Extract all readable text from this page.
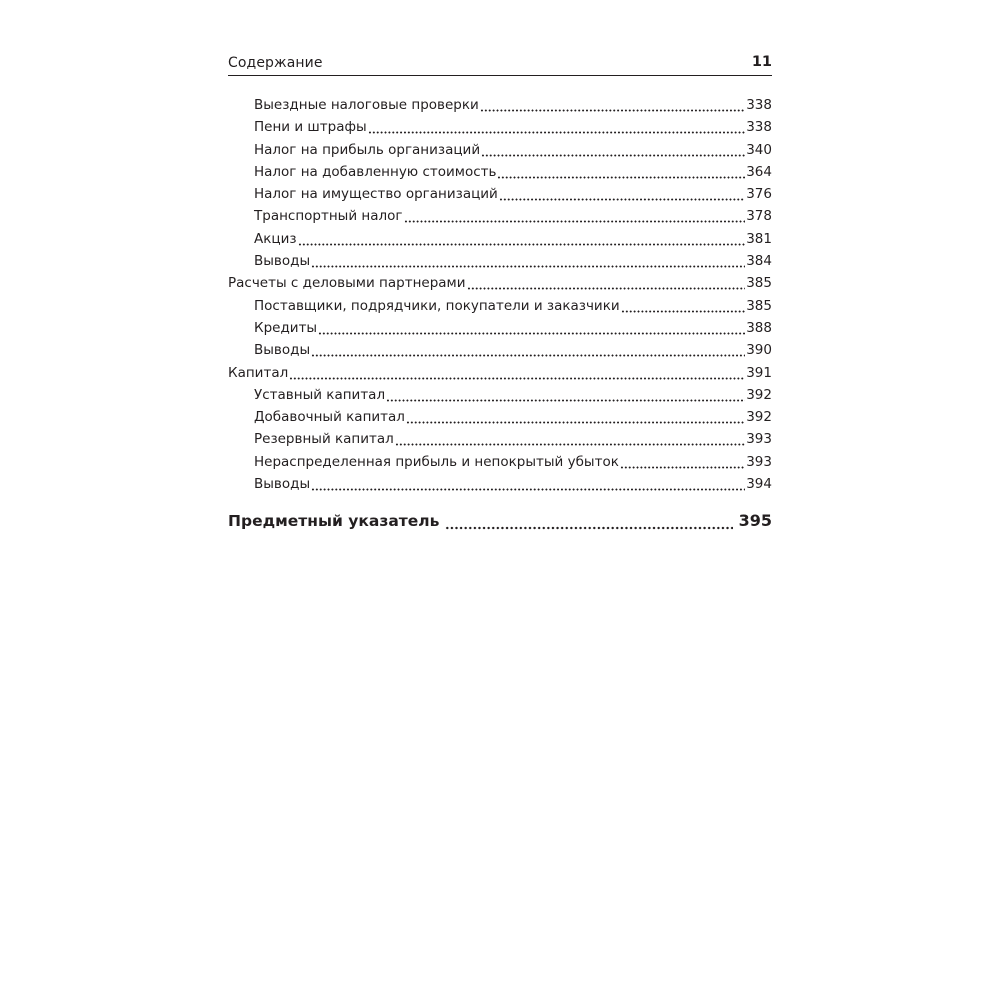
Содержание	11
Выездные налоговые проверки	338
Пени и штрафы	338
Налог на прибыль организаций	340
Налог на добавленную стоимость	364
Налог на имущество организаций	376
Транспортный налог	378
Акциз	381
Выводы	384
Расчеты с деловыми партнерами	385
Поставщики, подрядчики, покупатели и заказчики	385
Кредиты	388
Выводы	390
Капитал	391
Уставный капитал	392
Добавочный капитал	392
Резервный капитал	393
Нераспределенная прибыль и непокрытый убыток	393
Выводы	394
Предметный указатель	395
